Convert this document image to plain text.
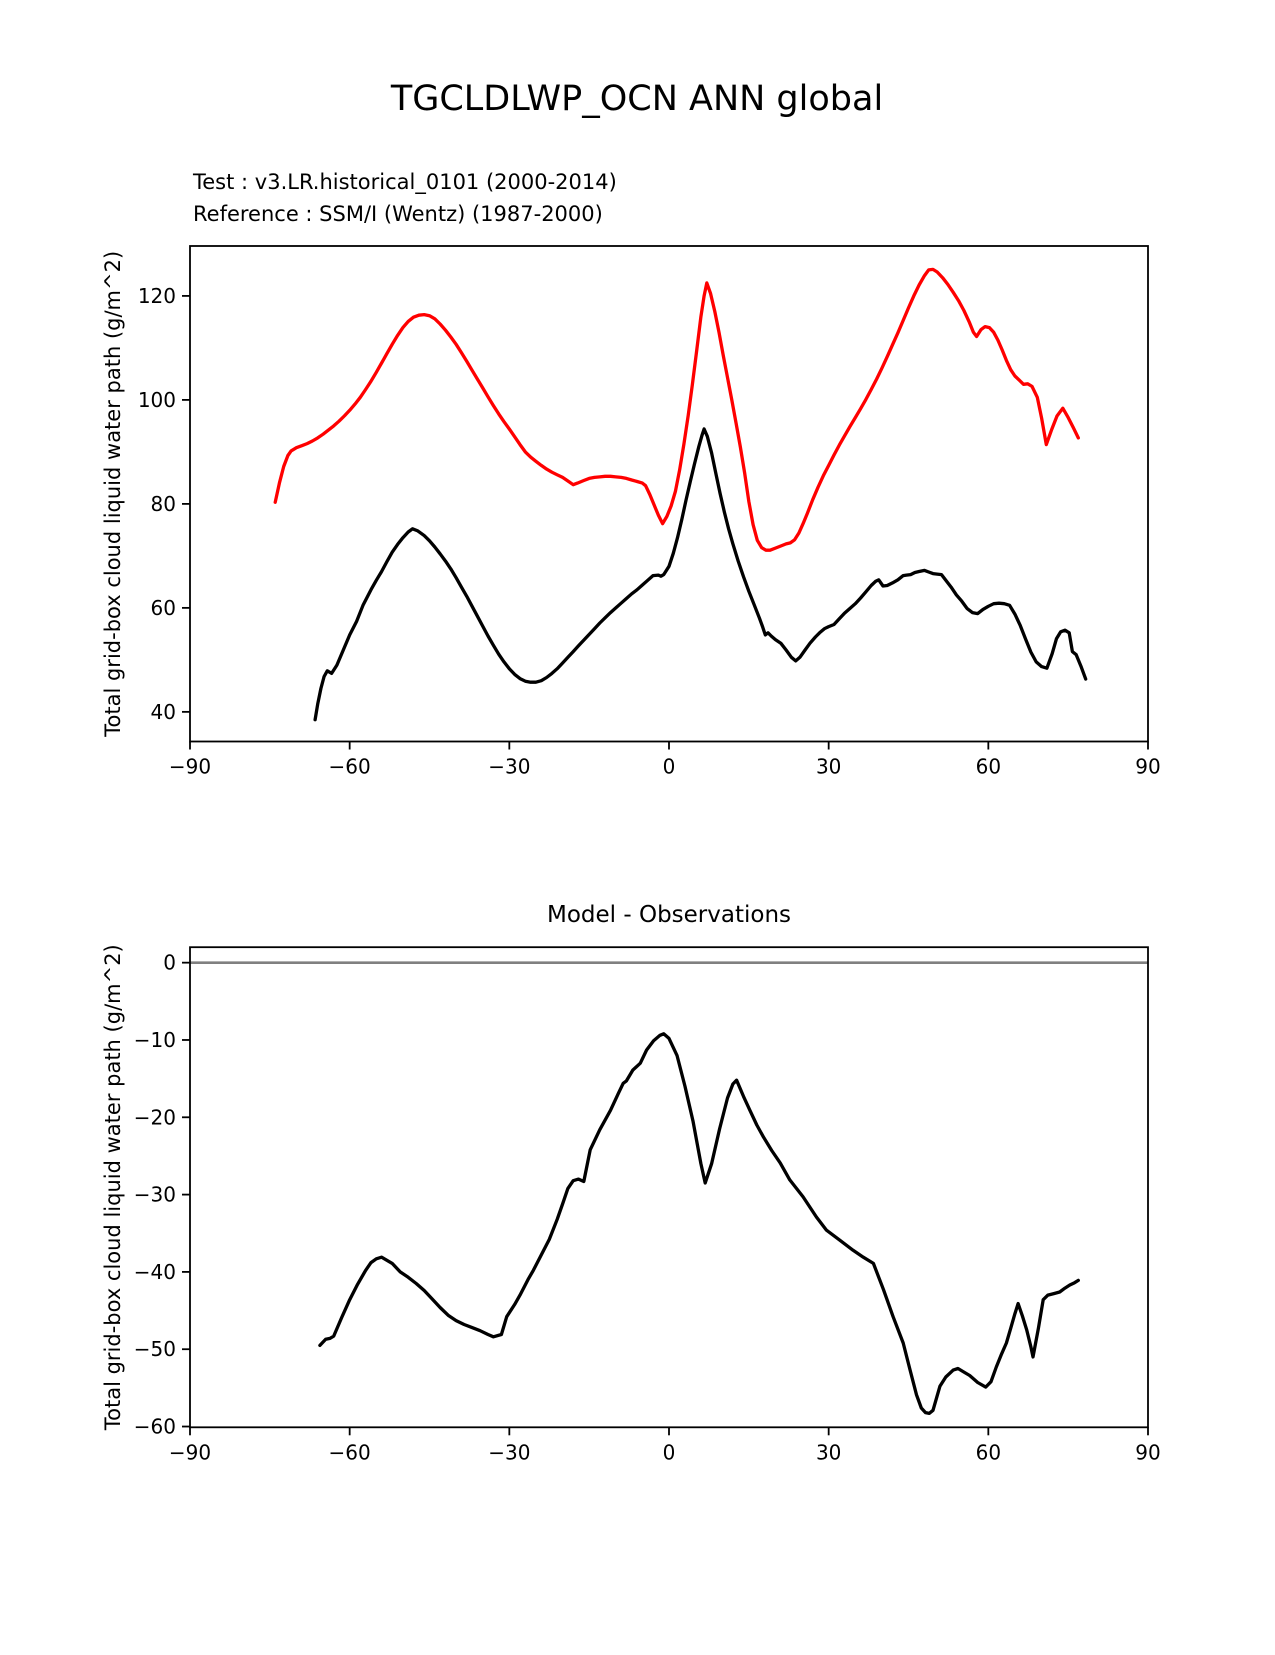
TGCLDLWP_OCN ANN global
Test : v3.LR.historical_0101 (2000-2014)
Reference : SSM/I (Wentz) (1987-2000)
Total grid-box cloud liquid water path (g/m^2)
−90	−60	−30	0	30	60	90
40
60
80
100
120
Model - Observations
Total grid-box cloud liquid water path (g/m^2)
−90	−60	−30	0	30	60	90
0
−10
−20
−30
−40
−50
−60
